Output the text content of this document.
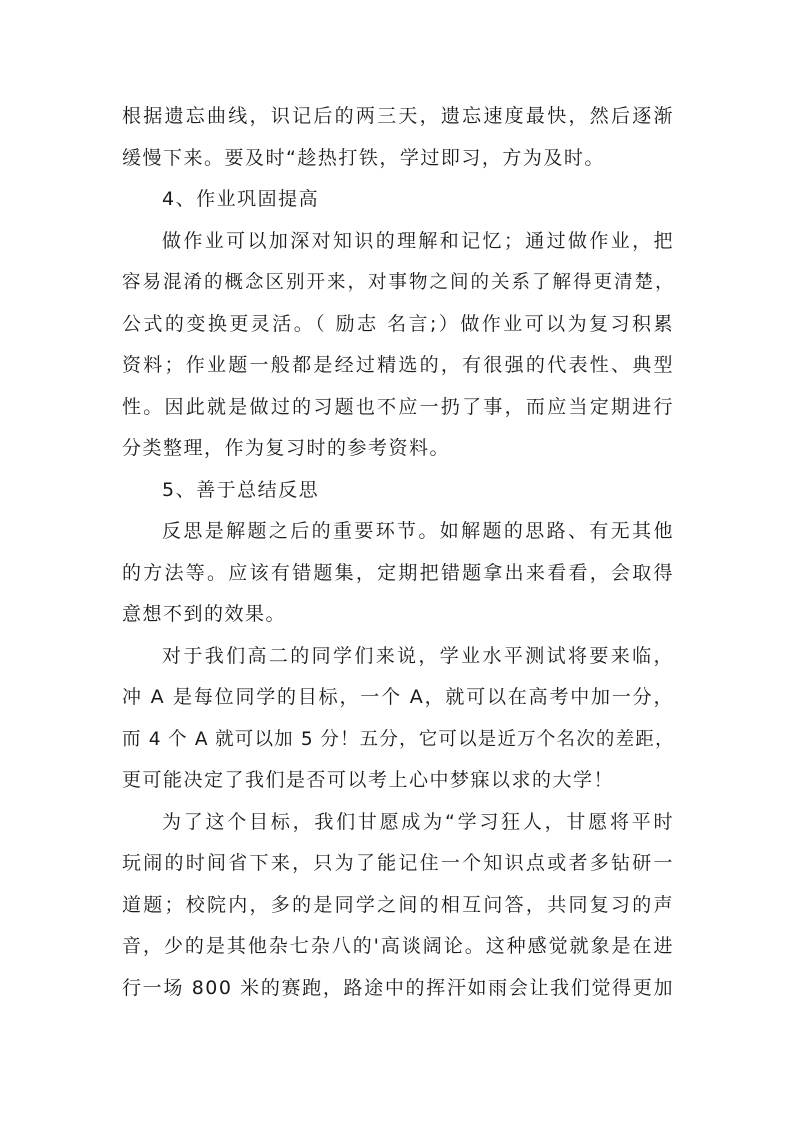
根据遗忘曲线，识记后的两三天，遗忘速度最快，然后逐渐
缓慢下来。要及时“趁热打铁，学过即习，方为及时。
4、作业巩固提高
做作业可以加深对知识的理解和记忆；通过做作业，把
容易混淆的概念区别开来，对事物之间的关系了解得更清楚，
公式的变换更灵活。（ 励志 名言;）做作业可以为复习积累
资料；作业题一般都是经过精选的，有很强的代表性、典型
性。因此就是做过的习题也不应一扔了事，而应当定期进行
分类整理，作为复习时的参考资料。
5、善于总结反思
反思是解题之后的重要环节。如解题的思路、有无其他
的方法等。应该有错题集，定期把错题拿出来看看，会取得
意想不到的效果。
对于我们高二的同学们来说，学业水平测试将要来临，
冲 A 是每位同学的目标，一个 A，就可以在高考中加一分，
而 4 个 A 就可以加 5 分！五分，它可以是近万个名次的差距，
更可能决定了我们是否可以考上心中梦寐以求的大学！
为了这个目标，我们甘愿成为“学习狂人，甘愿将平时
玩闹的时间省下来，只为了能记住一个知识点或者多钻研一
道题；校院内，多的是同学之间的相互问答，共同复习的声
音，少的是其他杂七杂八的'高谈阔论。这种感觉就象是在进
行一场 800 米的赛跑，路途中的挥汗如雨会让我们觉得更加
